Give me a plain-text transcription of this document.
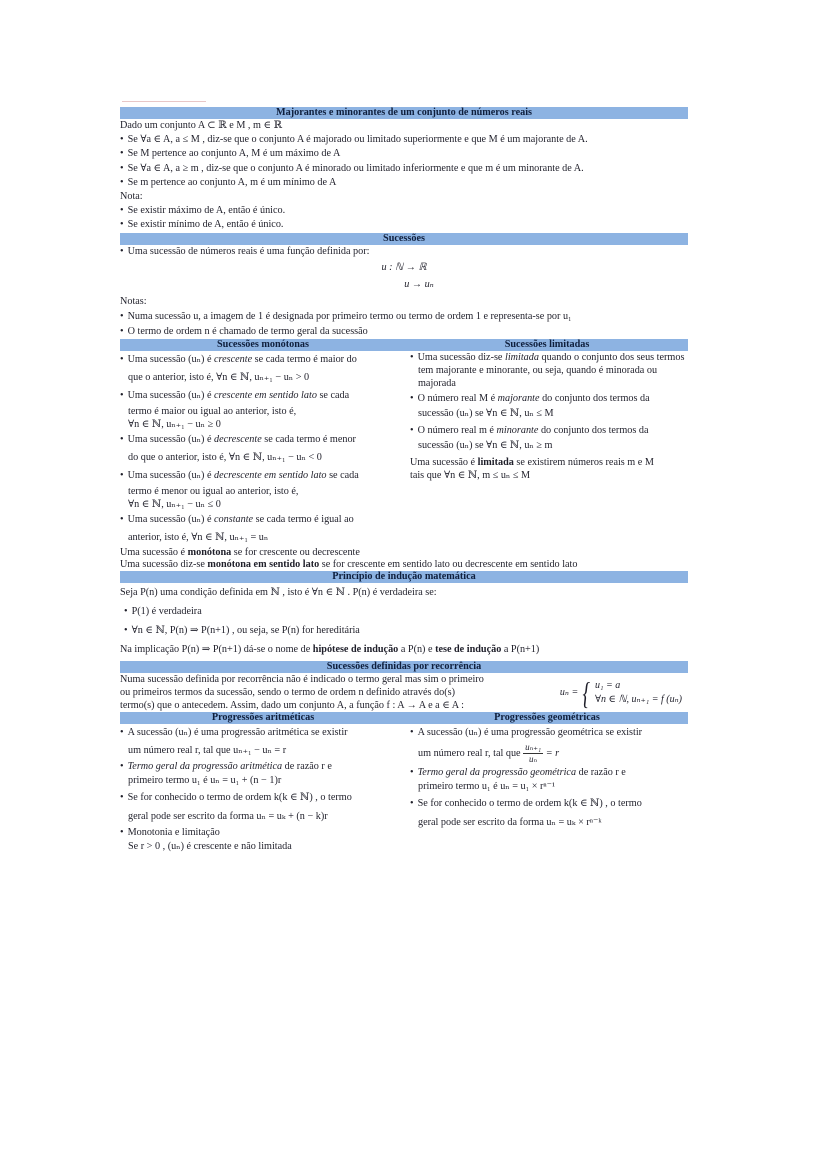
Majorantes e minorantes de um conjunto de números reais

Dado um conjunto A ⊂ ℝ e M , m ∈ ℝ

• Se ∀a ∈ A, a ≤ M , diz-se que o conjunto A é majorado ou limitado superiormente e que M é um majorante de A.

• Se M pertence ao conjunto A, M é um máximo de A

• Se ∀a ∈ A, a ≥ m , diz-se que o conjunto A é minorado ou limitado inferiormente e que m é um minorante de A.

• Se m pertence ao conjunto A, m é um mínimo de A

Nota:

• Se existir máximo de A, então é único.

• Se existir mínimo de A, então é único.

Sucessões

• Uma sucessão de números reais é uma função definida por:

u : ℕ → ℝ

u → uₙ

Notas:

• Numa sucessão u, a imagem de 1 é designada por primeiro termo ou termo de ordem 1 e representa-se por u₁

• O termo de ordem n é chamado de termo geral da sucessão

Sucessões monótonas	Sucessões limitadas

• Uma sucessão (uₙ) é crescente se cada termo é maior do

que o anterior, isto é, ∀n ∈ ℕ, uₙ₊₁ − uₙ > 0

• Uma sucessão (uₙ) é crescente em sentido lato se cada

termo é maior ou igual ao anterior, isto é,

∀n ∈ ℕ, uₙ₊₁ − uₙ ≥ 0

• Uma sucessão (uₙ) é decrescente se cada termo é menor

do que o anterior, isto é, ∀n ∈ ℕ, uₙ₊₁ − uₙ < 0

• Uma sucessão (uₙ) é decrescente em sentido lato se cada

termo é menor ou igual ao anterior, isto é,

∀n ∈ ℕ, uₙ₊₁ − uₙ ≤ 0

• Uma sucessão (uₙ) é constante se cada termo é igual ao

anterior, isto é, ∀n ∈ ℕ, uₙ₊₁ = uₙ

• Uma sucessão diz-se limitada quando o conjunto dos seus termos tem majorante e minorante, ou seja, quando é minorada ou majorada

• O número real M é majorante do conjunto dos termos da

sucessão (uₙ) se ∀n ∈ ℕ, uₙ ≤ M

• O número real m é minorante do conjunto dos termos da

sucessão (uₙ) se ∀n ∈ ℕ, uₙ ≥ m

Uma sucessão é limitada se existirem números reais m e M

tais que ∀n ∈ ℕ, m ≤ uₙ ≤ M

Uma sucessão é monótona se for crescente ou decrescente

Uma sucessão diz-se monótona em sentido lato se for crescente em sentido lato ou decrescente em sentido lato

Princípio de indução matemática

Seja P(n) uma condição definida em ℕ , isto é ∀n ∈ ℕ . P(n) é verdadeira se:

• P(1) é verdadeira

• ∀n ∈ ℕ, P(n) ⇒ P(n+1) , ou seja, se P(n) for hereditária

Na implicação P(n) ⇒ P(n+1) dá-se o nome de hipótese de indução a P(n) e tese de indução a P(n+1)

Sucessões definidas por recorrência

Numa sucessão definida por recorrência não é indicado o termo geral mas sim o primeiro

ou primeiros termos da sucessão, sendo o termo de ordem n definido através do(s)

termo(s) que o antecedem. Assim, dado um conjunto A, a função f : A → A e a ∈ A :

uₙ = { u₁ = a
∀n ∈ ℕ, uₙ₊₁ = f (uₙ)
Progressões aritméticas	Progressões geométricas

• A sucessão (uₙ) é uma progressão aritmética se existir

um número real r, tal que uₙ₊₁ − uₙ = r

• Termo geral da progressão aritmética de razão r e

primeiro termo u₁ é uₙ = u₁ + (n − 1)r

• Se for conhecido o termo de ordem k(k ∈ ℕ) , o termo

geral pode ser escrito da forma uₙ = uₖ + (n − k)r

• Monotonia e limitação

Se r > 0 , (uₙ) é crescente e não limitada

• A sucessão (uₙ) é uma progressão geométrica se existir

um número real r, tal que $\frac{\text{uₙ₊₁}}{\text{uₙ}} = r$

• Termo geral da progressão geométrica de razão r e

primeiro termo u₁ é uₙ = u₁ × rⁿ⁻¹

• Se for conhecido o termo de ordem k(k ∈ ℕ) , o termo

geral pode ser escrito da forma uₙ = uₖ × rⁿ⁻ᵏ
